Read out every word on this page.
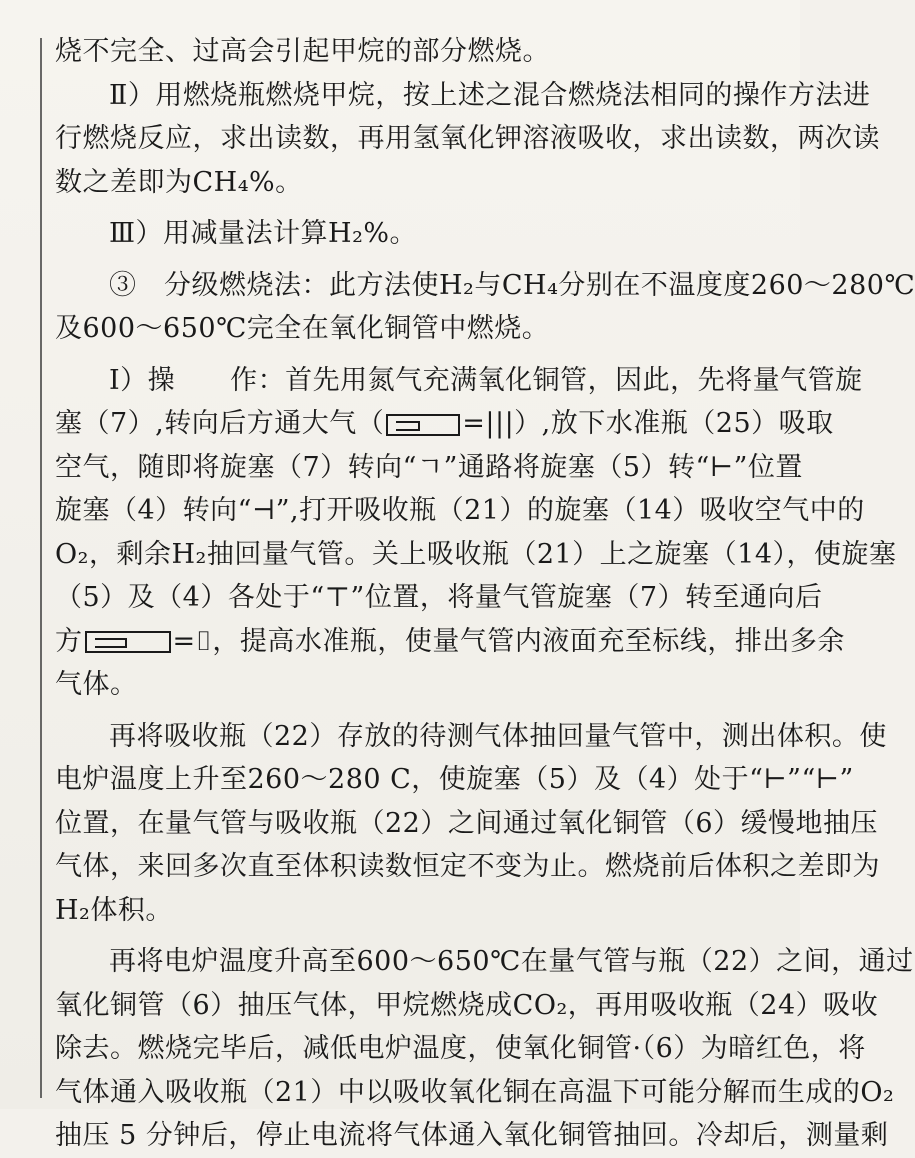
烧不完全、过高会引起甲烷的部分燃烧。
Ⅱ）用燃烧瓶燃烧甲烷，按上述之混合燃烧法相同的操作方法进
行燃烧反应，求出读数，再用氢氧化钾溶液吸收，求出读数，两次读
数之差即为CH₄%。
Ⅲ）用减量法计算H₂%。
③　分级燃烧法：此方法使H₂与CH₄分别在不温度度260～280℃
及600～650℃完全在氧化铜管中燃烧。
Ⅰ）操　　作：首先用氮气充满氧化铜管，因此，先将量气管旋
塞（7）,转向后方通大气（	=|||）,放下水准瓶（25）吸取
空气，随即将旋塞（7）转向“ㄱ”通路将旋塞（5）转“⊢”位置
旋塞（4）转向“⊣”,打开吸收瓶（21）的旋塞（14）吸收空气中的
O₂，剩余H₂抽回量气管。关上吸收瓶（21）上之旋塞（14），使旋塞
（5）及（4）各处于“⊤”位置，将量气管旋塞（7）转至通向后
方	=⌷，提高水准瓶，使量气管内液面充至标线，排出多余
气体。
再将吸收瓶（22）存放的待测气体抽回量气管中，测出体积。使
电炉温度上升至260～280 C，使旋塞（5）及（4）处于“⊢”“⊢”
位置，在量气管与吸收瓶（22）之间通过氧化铜管（6）缓慢地抽压
气体，来回多次直至体积读数恒定不变为止。燃烧前后体积之差即为
H₂体积。
再将电炉温度升高至600～650℃在量气管与瓶（22）之间，通过
氧化铜管（6）抽压气体，甲烷燃烧成CO₂，再用吸收瓶（24）吸收
除去。燃烧完毕后，减低电炉温度，使氧化铜管·（6）为暗红色，将
气体通入吸收瓶（21）中以吸收氧化铜在高温下可能分解而生成的O₂
抽压 5 分钟后，停止电流将气体通入氧化铜管抽回。冷却后，测量剩
